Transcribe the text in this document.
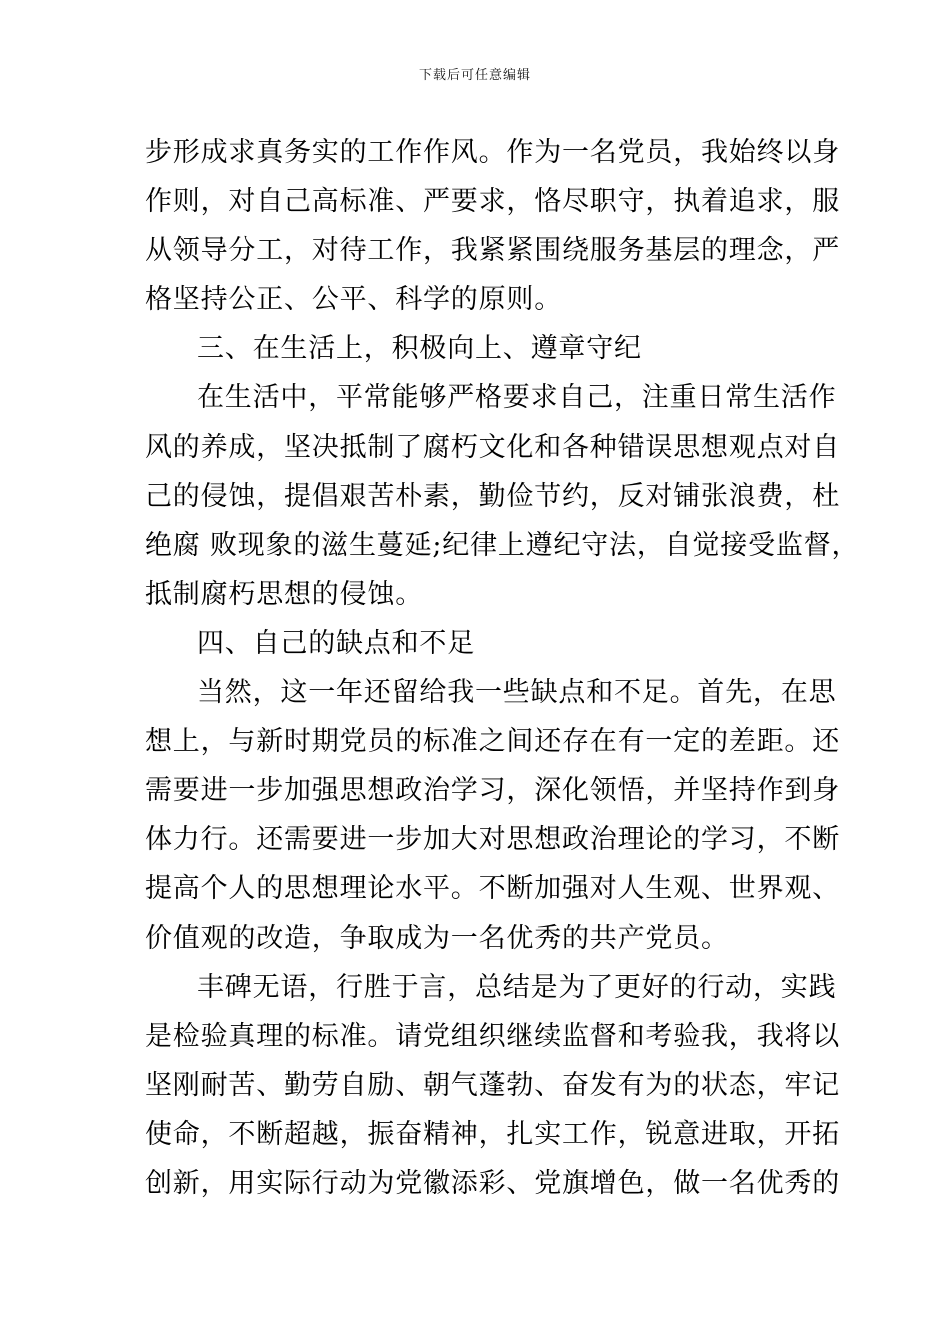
下载后可任意编辑
步形成求真务实的工作作风。作为一名党员，我始终以身
作则，对自己高标准、严要求，恪尽职守，执着追求，服
从领导分工，对待工作，我紧紧围绕服务基层的理念，严
格坚持公正、公平、科学的原则。
三、在生活上，积极向上、遵章守纪
在生活中，平常能够严格要求自己，注重日常生活作
风的养成，坚决抵制了腐朽文化和各种错误思想观点对自
己的侵蚀，提倡艰苦朴素，勤俭节约，反对铺张浪费，杜
绝腐 败现象的滋生蔓延;纪律上遵纪守法，自觉接受监督，
抵制腐朽思想的侵蚀。
四、自己的缺点和不足
当然，这一年还留给我一些缺点和不足。首先，在思
想上，与新时期党员的标准之间还存在有一定的差距。还
需要进一步加强思想政治学习，深化领悟，并坚持作到身
体力行。还需要进一步加大对思想政治理论的学习，不断
提高个人的思想理论水平。不断加强对人生观、世界观、
价值观的改造，争取成为一名优秀的共产党员。
丰碑无语，行胜于言，总结是为了更好的行动，实践
是检验真理的标准。请党组织继续监督和考验我，我将以
坚刚耐苦、勤劳自励、朝气蓬勃、奋发有为的状态，牢记
使命，不断超越，振奋精神，扎实工作，锐意进取，开拓
创新，用实际行动为党徽添彩、党旗增色，做一名优秀的
